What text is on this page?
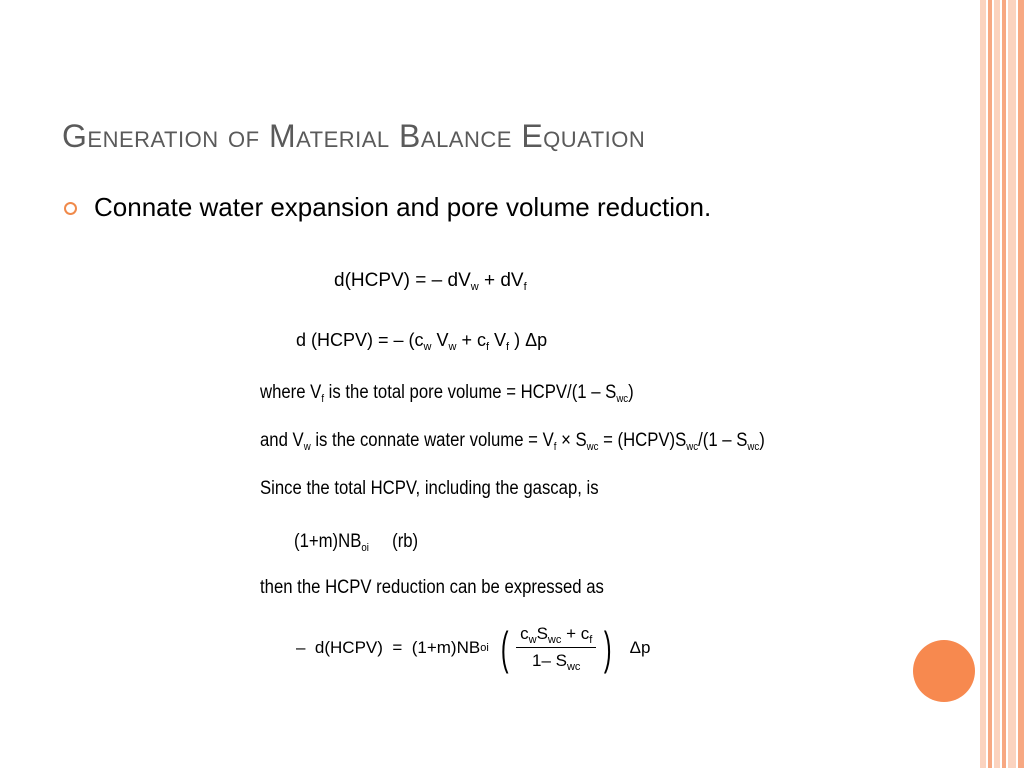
Generation of Material Balance Equation
Connate water expansion and pore volume reduction.
d(HCPV) = – $dV_w + dV_f$
d (HCPV) = – ($c_w$ $V_w + c_f$ $V_f$ ) Δp
where $V_f$ is the total pore volume = HCPV/(1 – $S_{wc}$)
and $V_w$ is the connate water volume = $V_f \times S_{wc}$ = $(HCPV)S_{wc}/(1 - S_{wc})$
Since the total HCPV, including the gascap, is
$(1+m)NB_{oi}$     (rb)
then the HCPV reduction can be expressed as
–  d(HCPV)  =  (1+m)NB oi ( $\frac{c_wS_{wc} + c_f}{1- S_{wc}}$ ) Δp
